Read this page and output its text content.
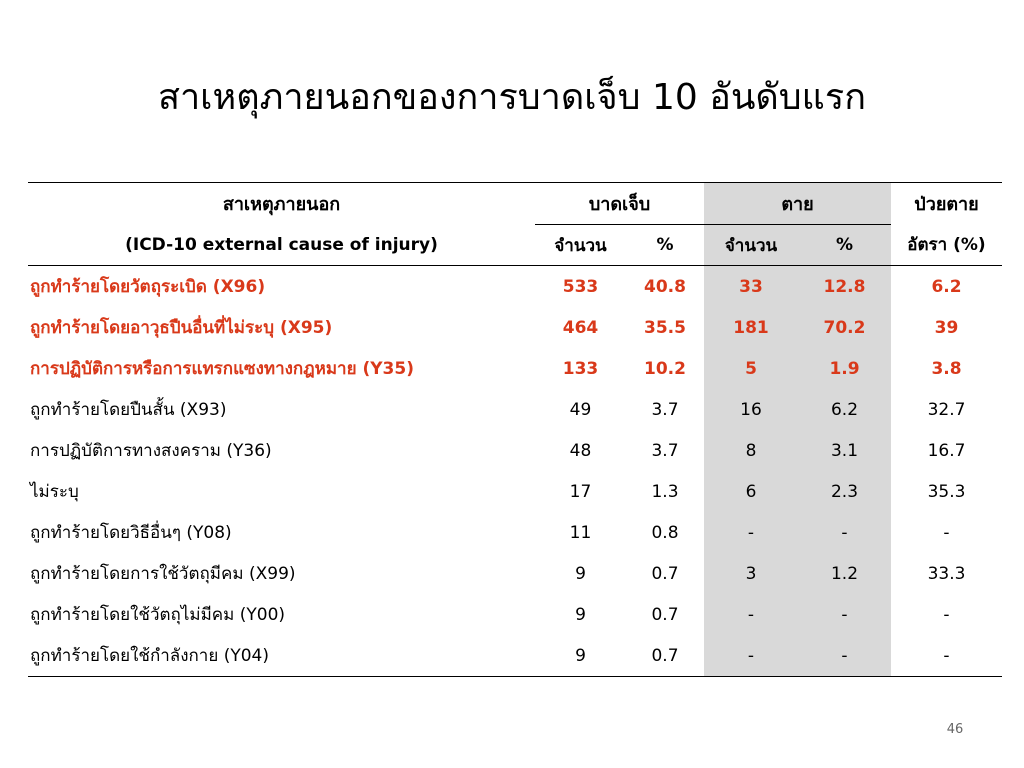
สาเหตุภายนอกของการบาดเจ็บ 10 อันดับแรก
สาเหตุภายนอก	บาดเจ็บ		ตาย		ป่วยตาย
(ICD-10 external cause of injury)	จำนวน	%	จำนวน	%	อัตรา (%)
ถูกทำร้ายโดยวัตถุระเบิด (X96)	533	40.8	33	12.8	6.2
ถูกทำร้ายโดยอาวุธปืนอื่นที่ไม่ระบุ (X95)	464	35.5	181	70.2	39
การปฏิบัติการหรือการแทรกแซงทางกฎหมาย (Y35)	133	10.2	5	1.9	3.8
ถูกทำร้ายโดยปืนสั้น (X93)	49	3.7	16	6.2	32.7
การปฏิบัติการทางสงคราม (Y36)	48	3.7	8	3.1	16.7
ไม่ระบุ	17	1.3	6	2.3	35.3
ถูกทำร้ายโดยวิธีอื่นๆ (Y08)	11	0.8	-	-	-
ถูกทำร้ายโดยการใช้วัตถุมีคม (X99)	9	0.7	3	1.2	33.3
ถูกทำร้ายโดยใช้วัตถุไม่มีคม (Y00)	9	0.7	-	-	-
ถูกทำร้ายโดยใช้กำลังกาย (Y04)	9	0.7	-	-	-
46
